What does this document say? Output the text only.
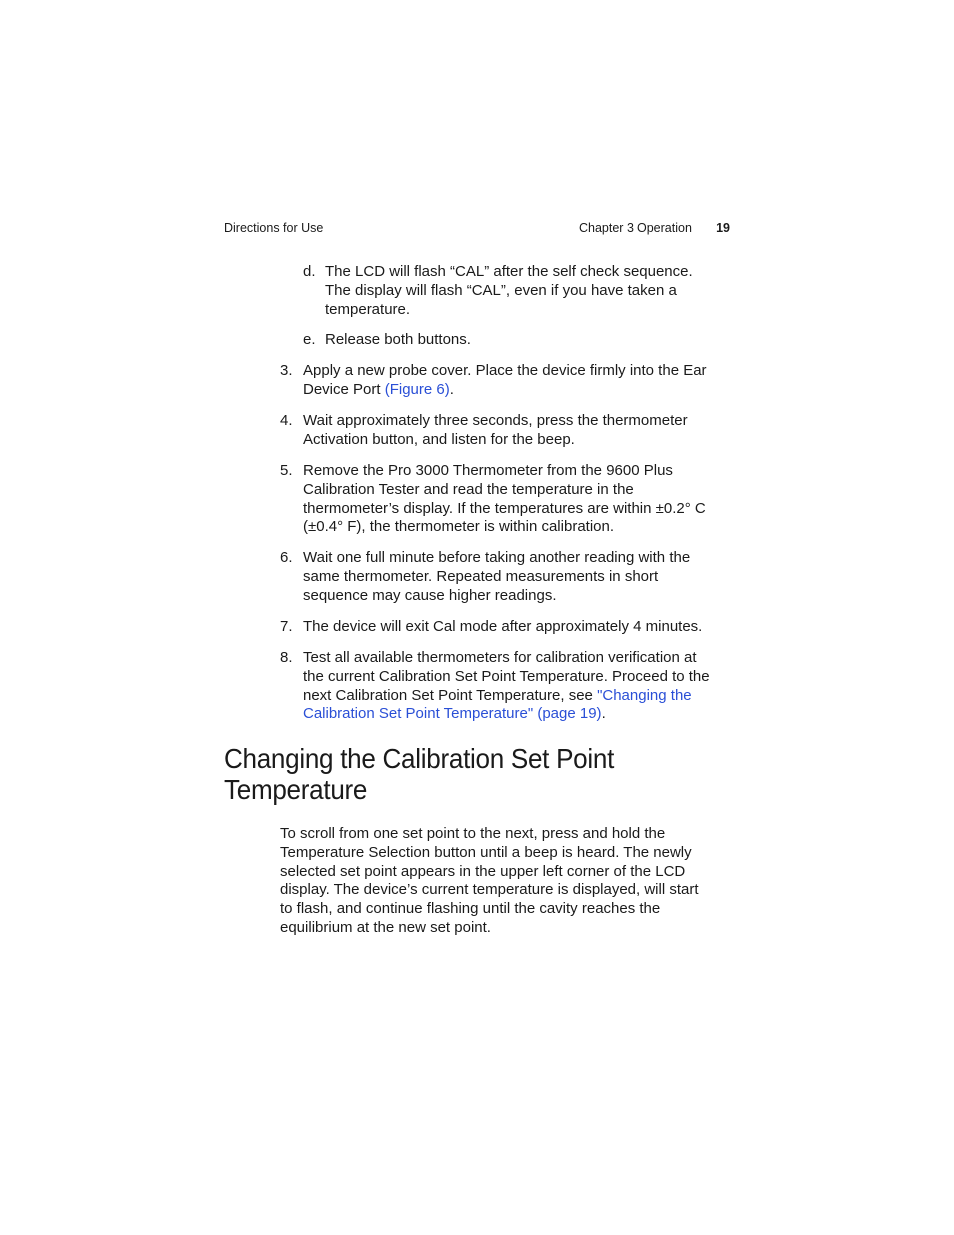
Directions for Use	Chapter 3 Operation 19
d. The LCD will flash “CAL” after the self check sequence.
The display will flash “CAL”, even if you have taken a
temperature.
e. Release both buttons.
3. Apply a new probe cover. Place the device firmly into the Ear
Device Port (Figure 6).
4. Wait approximately three seconds, press the thermometer
Activation button, and listen for the beep.
5. Remove the Pro 3000 Thermometer from the 9600 Plus
Calibration Tester and read the temperature in the
thermometer’s display. If the temperatures are within ±0.2° C
(±0.4° F), the thermometer is within calibration.
6. Wait one full minute before taking another reading with the
same thermometer. Repeated measurements in short
sequence may cause higher readings.
7. The device will exit Cal mode after approximately 4 minutes.
8. Test all available thermometers for calibration verification at
the current Calibration Set Point Temperature. Proceed to the
next Calibration Set Point Temperature, see "Changing the
Calibration Set Point Temperature" (page 19).
Changing the Calibration Set Point
Temperature
To scroll from one set point to the next, press and hold the
Temperature Selection button until a beep is heard. The newly
selected set point appears in the upper left corner of the LCD
display. The device’s current temperature is displayed, will start
to flash, and continue flashing until the cavity reaches the
equilibrium at the new set point.
